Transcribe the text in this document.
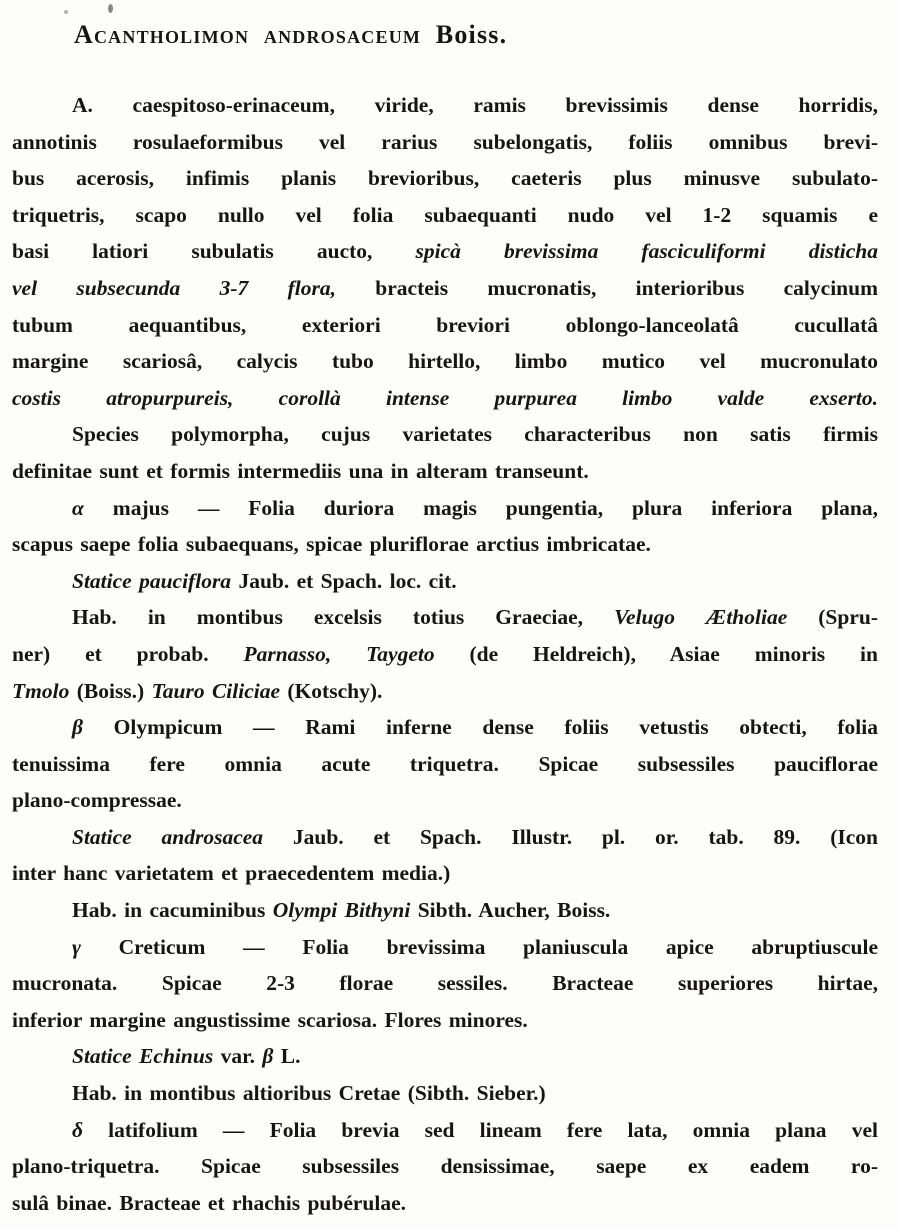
Acantholimon androsaceum Boiss.
A. caespitoso-erinaceum, viride, ramis brevissimis dense horridis,
annotinis rosulaeformibus vel rarius subelongatis, foliis omnibus brevi-
bus acerosis, infimis planis brevioribus, caeteris plus minusve subulato-
triquetris, scapo nullo vel folia subaequanti nudo vel 1-2 squamis e
basi latiori subulatis aucto, spicà brevissima fasciculiformi disticha
vel subsecunda 3-7 flora, bracteis mucronatis, interioribus calycinum
tubum aequantibus, exteriori breviori oblongo-lanceolatâ cucullatâ
margine scariosâ, calycis tubo hirtello, limbo mutico vel mucronulato
costis atropurpureis, corollà intense purpurea limbo valde exserto.
Species polymorpha, cujus varietates characteribus non satis firmis
definitae sunt et formis intermediis una in alteram transeunt.
α majus — Folia duriora magis pungentia, plura inferiora plana,
scapus saepe folia subaequans, spicae pluriflorae arctius imbricatae.
Statice pauciflora Jaub. et Spach. loc. cit.
Hab. in montibus excelsis totius Graeciae, Velugo Ætholiae (Spru-
ner) et probab. Parnasso, Taygeto (de Heldreich), Asiae minoris in
Tmolo (Boiss.) Tauro Ciliciae (Kotschy).
β Olympicum — Rami inferne dense foliis vetustis obtecti, folia
tenuissima fere omnia acute triquetra. Spicae subsessiles pauciflorae
plano-compressae.
Statice androsacea Jaub. et Spach. Illustr. pl. or. tab. 89. (Icon
inter hanc varietatem et praecedentem media.)
Hab. in cacuminibus Olympi Bithyni Sibth. Aucher, Boiss.
γ Creticum — Folia brevissima planiuscula apice abruptiuscule
mucronata. Spicae 2-3 florae sessiles. Bracteae superiores hirtae,
inferior margine angustissime scariosa. Flores minores.
Statice Echinus var. β L.
Hab. in montibus altioribus Cretae (Sibth. Sieber.)
δ latifolium — Folia brevia sed lineam fere lata, omnia plana vel
plano-triquetra. Spicae subsessiles densissimae, saepe ex eadem ro-
sulâ binae. Bracteae et rhachis pubérulae.
